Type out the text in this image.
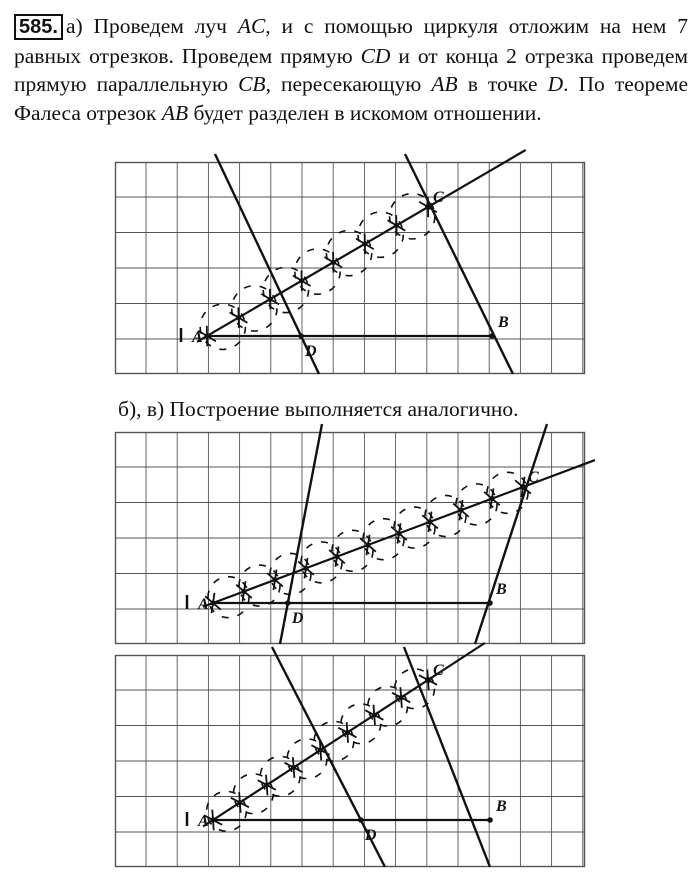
585. а) Проведем луч AC, и с помощью циркуля отложим на нем 7 равных отрезков. Проведем прямую CD и от конца 2 отрезка проведем прямую параллельную CB, пересекающую AB в точке D. По теореме Фалеса отрезок AB будет разделен в искомом отношении.

A
B
C
D

б), в) Построение выполняется аналогично.

A
B
C
D
A
B
C
D
